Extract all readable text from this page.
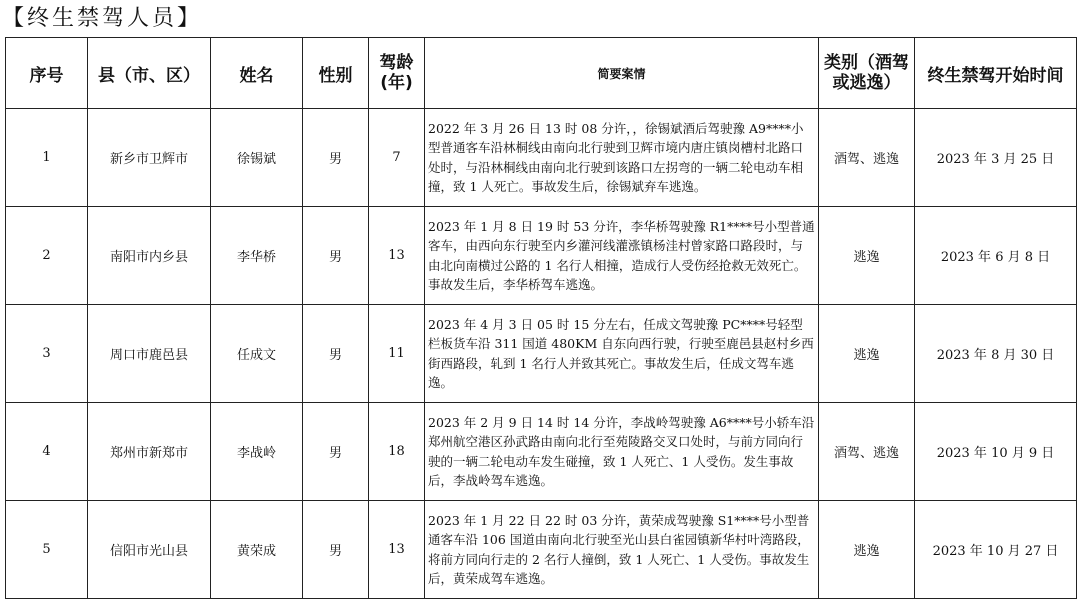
【终生禁驾人员】
序号	县（市、区）	姓名	性别	驾龄(年)	简要案情	类别（酒驾或逃逸）	终生禁驾开始时间
1	新乡市卫辉市	徐锡斌	男	7	2022 年 3 月 26 日 13 时 08 分许，，徐锡斌酒后驾驶豫 A9****小型普通客车沿林桐线由南向北行驶到卫辉市境内唐庄镇岗槽村北路口处时，与沿林桐线由南向北行驶到该路口左拐弯的一辆二轮电动车相撞，致 1 人死亡。事故发生后，徐锡斌弃车逃逸。	酒驾、逃逸	2023 年 3 月 25 日
2	南阳市内乡县	李华桥	男	13	2023 年 1 月 8 日 19 时 53 分许，李华桥驾驶豫 R1****号小型普通客车，由西向东行驶至内乡灌河线灌涨镇杨洼村曾家路口路段时，与由北向南横过公路的 1 名行人相撞，造成行人受伤经抢救无效死亡。事故发生后，李华桥驾车逃逸。	逃逸	2023 年 6 月 8 日
3	周口市鹿邑县	任成文	男	11	2023 年 4 月 3 日 05 时 15 分左右，任成文驾驶豫 PC****号轻型栏板货车沿 311 国道 480KM 自东向西行驶，行驶至鹿邑县赵村乡西街西路段，轧到 1 名行人并致其死亡。事故发生后，任成文驾车逃逸。	逃逸	2023 年 8 月 30 日
4	郑州市新郑市	李战岭	男	18	2023 年 2 月 9 日 14 时 14 分许，李战岭驾驶豫 A6****号小轿车沿郑州航空港区孙武路由南向北行至苑陵路交叉口处时，与前方同向行驶的一辆二轮电动车发生碰撞，致 1 人死亡、1 人受伤。发生事故后，李战岭驾车逃逸。	酒驾、逃逸	2023 年 10 月 9 日
5	信阳市光山县	黄荣成	男	13	2023 年 1 月 22 日 22 时 03 分许，黄荣成驾驶豫 S1****号小型普通客车沿 106 国道由南向北行驶至光山县白雀园镇新华村叶湾路段，将前方同向行走的 2 名行人撞倒，致 1 人死亡、1 人受伤。事故发生后，黄荣成驾车逃逸。	逃逸	2023 年 10 月 27 日
